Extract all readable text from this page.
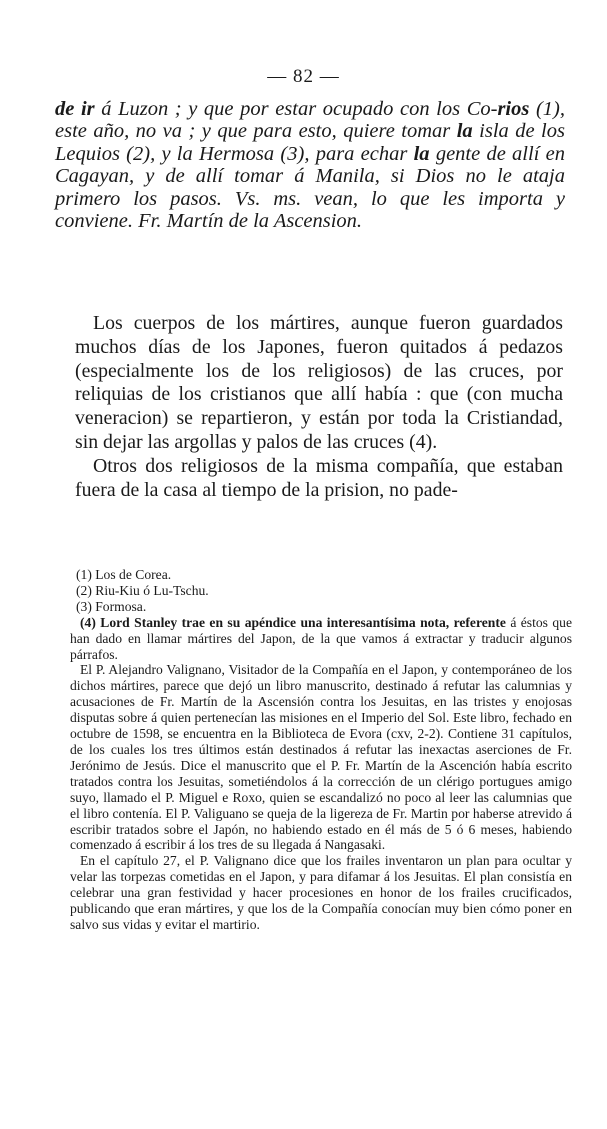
— 82 —
de ir á Luzon ; y que por estar ocupado con los Co-rios (1), este año, no va ; y que para esto, quiere tomar la isla de los Lequios (2), y la Hermosa (3), para echar la gente de allí en Cagayan, y de allí tomar á Manila, si Dios no le ataja primero los pasos. Vs. ms. vean, lo que les importa y conviene. Fr. Martín de la Ascension.

Los cuerpos de los mártires, aunque fueron guardados muchos días de los Japones, fueron quitados á pedazos (especialmente los de los religiosos) de las cruces, por reliquias de los cristianos que allí había : que (con mucha veneracion) se repartieron, y están por toda la Cristiandad, sin dejar las argollas y palos de las cruces (4).

Otros dos religiosos de la misma compañía, que estaban fuera de la casa al tiempo de la prision, no pade-

(1) Los de Corea.

(2) Riu-Kiu ó Lu-Tschu.

(3) Formosa.

(4) Lord Stanley trae en su apéndice una interesantísima nota, referente á éstos que han dado en llamar mártires del Japon, de la que vamos á extractar y traducir algunos párrafos.

El P. Alejandro Valignano, Visitador de la Compañía en el Japon, y contemporáneo de los dichos mártires, parece que dejó un libro manuscrito, destinado á refutar las calumnias y acusaciones de Fr. Martín de la Ascensión contra los Jesuitas, en las tristes y enojosas disputas sobre á quien pertenecían las misiones en el Imperio del Sol. Este libro, fechado en octubre de 1598, se encuentra en la Biblioteca de Evora (cxv, 2-2). Contiene 31 capítulos, de los cuales los tres últimos están destinados á refutar las inexactas aserciones de Fr. Jerónimo de Jesús. Dice el manuscrito que el P. Fr. Martín de la Ascención había escrito tratados contra los Jesuitas, sometiéndolos á la corrección de un clérigo portugues amigo suyo, llamado el P. Miguel e Roxo, quien se escandalizó no poco al leer las calumnias que el libro contenía. El P. Valiguano se queja de la ligereza de Fr. Martin por haberse atrevido á escribir tratados sobre el Japón, no habiendo estado en él más de 5 ó 6 meses, habiendo comenzado á escribir á los tres de su llegada á Nangasaki.

En el capítulo 27, el P. Valignano dice que los frailes inventaron un plan para ocultar y velar las torpezas cometidas en el Japon, y para difamar á los Jesuitas. El plan consistía en celebrar una gran festividad y hacer procesiones en honor de los frailes crucificados, publicando que eran mártires, y que los de la Compañía conocían muy bien cómo poner en salvo sus vidas y evitar el martirio.
